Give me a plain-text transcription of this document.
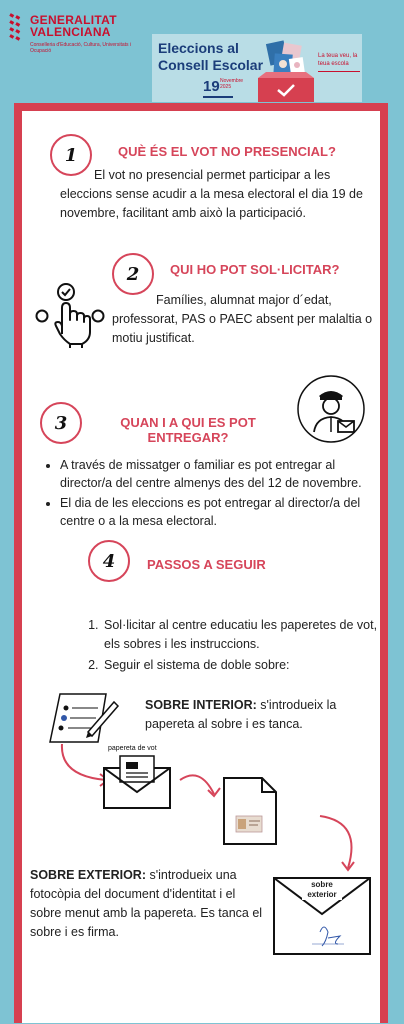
GENERALITAT
VALENCIANA
Conselleria d'Educació, Cultura, Universitats i Ocupació	Eleccions al Consell Escolar
19 Novembre
2025
La teua veu, la teua escola
1	QUÈ ÉS EL VOT NO PRESENCIAL?
El vot no presencial permet participar a les eleccions sense acudir a la mesa electoral el dia 19 de novembre, facilitant amb això la participació.
2	QUI HO POT SOL·LICITAR?
Famílies, alumnat major d´edat, professorat, PAS o PAEC absent per malaltia o motiu justificat.
3	QUAN I A QUI ES POT
ENTREGAR?
• A través de missatger o familiar es pot entregar al director/a del centre almenys des del 12 de novembre.
• El dia de les eleccions es pot entregar al director/a del centre o a la mesa electoral.
4	PASSOS A SEGUIR
1. Sol·licitar al centre educatiu les paperetes de vot, els sobres i les instruccions.
2. Seguir el sistema de doble sobre:
SOBRE INTERIOR: s'introdueix la papereta al sobre i es tanca.
papereta de vot
SOBRE EXTERIOR: s'introdueix una fotocòpia del document d'identitat i el sobre menut amb la papereta. Es tanca el sobre i es firma.
sobre exterior
